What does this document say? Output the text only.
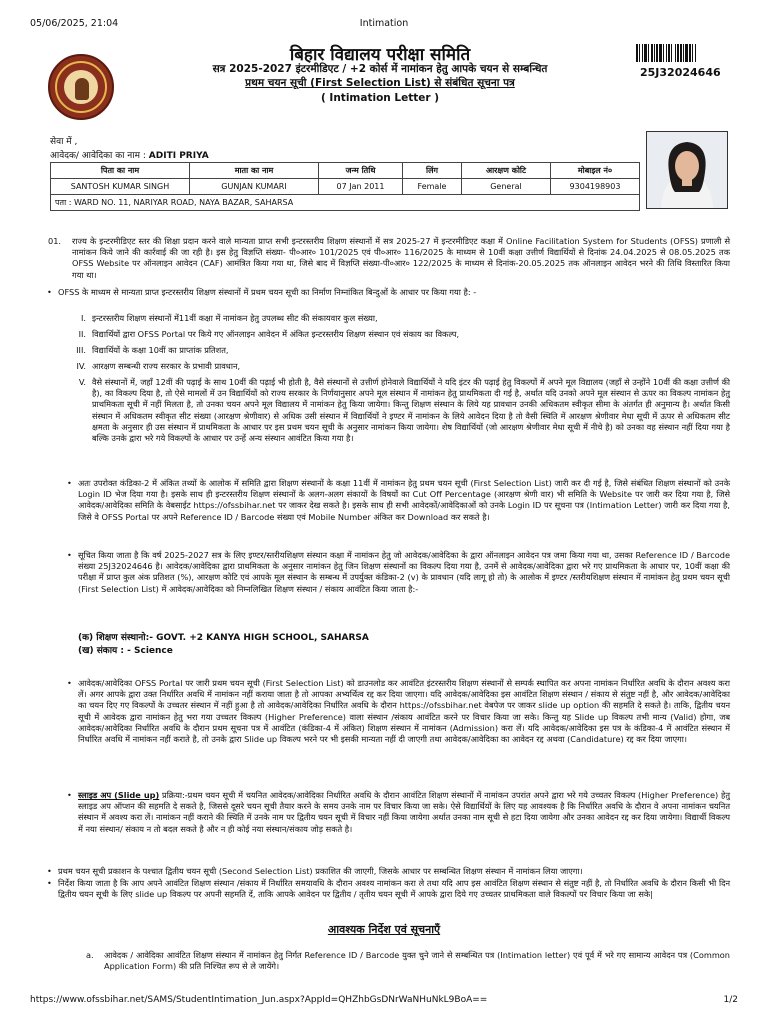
05/06/2025, 21:04	Intimation
बिहार विद्यालय परीक्षा समिति
सत्र 2025-2027 इंटरमीडिएट / +2 कोर्स में नामांकन हेतु आपके चयन से सम्बन्धित
प्रथम चयन सूची (First Selection List) से संबंधित सूचना पत्र
( Intimation Letter )
25J32024646
सेवा में ,
आवेदक/ आवेदिका का नाम : ADITI PRIYA
पिता का नाम	माता का नाम	जन्म तिथि	लिंग	आरक्षण कोटि	मोबाइल नं०
SANTOSH KUMAR SINGH	GUNJAN KUMARI	07 Jan 2011	Female	General	9304198903
पता : WARD NO. 11, NARIYAR ROAD, NAYA BAZAR, SAHARSA					
01. राज्य के इन्टरमीडिएट स्तर की शिक्षा प्रदान करने वाले मान्यता प्राप्त सभी इन्टरस्तरीय शिक्षण संस्थानों में सत्र 2025-27 में इन्टरमीडिएट कक्षा में Online Facilitation System for Students (OFSS) प्रणाली से नामांकन किये जाने की कार्रवाई की जा रही है। इस हेतु विज्ञप्ति संख्या- पी०आर० 101/2025 एवं पी०आर० 116/2025 के माध्यम से 10वीं कक्षा उत्तीर्ण विद्यार्थियों से दिनांक 24.04.2025 से 08.05.2025 तक OFSS Website पर ऑनलाइन आवेदन (CAF) आमंत्रित किया गया था, जिसे बाद में विज्ञप्ति संख्या-पी०आर० 122/2025 के माध्यम से दिनांक-20.05.2025 तक ऑनलाइन आवेदन भरने की तिथि विस्तारित किया गया था।
• OFSS के माध्यम से मान्यता प्राप्त इन्टरस्तरीय शिक्षण संस्थानों में प्रथम चयन सूची का निर्माण निम्नांकित बिन्दुओं के आधार पर किया गया है: -
I. इन्टरस्तरीय शिक्षण संस्थानों में11वीं कक्षा में नामांकन हेतु उपलब्ध सीट की संकायवार कुल संख्या,
II. विद्यार्थियों द्वारा OFSS Portal पर किये गए ऑनलाइन आवेदन में अंकित इन्टरस्तरीय शिक्षण संस्थान एवं संकाय का विकल्प,
III. विद्यार्थियों के कक्षा 10वीं का प्राप्तांक प्रतिशत,
IV. आरक्षण सम्बन्धी राज्य सरकार के प्रभावी प्रावधान,
V. वैसे संस्थानों में, जहाँ 12वीं की पढ़ाई के साथ 10वीं की पढ़ाई भी होती है, वैसे संस्थानों से उत्तीर्ण होनेवाले विद्यार्थियों ने यदि इंटर की पढ़ाई हेतु विकल्पों में अपने मूल विद्यालय (जहाँ से उन्होंने 10वीं की कक्षा उत्तीर्ण की है), का विकल्प दिया है, तो ऐसे मामलों में उन विद्यार्थियों को राज्य सरकार के निर्णयानुसार अपने मूल संस्थान में नामांकन हेतु प्राथमिकता दी गई है, अर्थात यदि उनको अपने मूल संस्थान से ऊपर का विकल्प नामांकन हेतु प्राथमिकता सूची में नहीं मिलता है, तो उनका चयन अपने मूल विद्यालय में नामांकन हेतु किया जायेगा। किन्तु शिक्षण संस्थान के लिये यह प्रावधान उनकी अधिकतम स्वीकृत सीमा के अंतर्गत ही अनुमान्य है। अर्थात किसी संस्थान में अधिकतम स्वीकृत सीट संख्या (आरक्षण श्रेणीवार) से अधिक उसी संस्थान में विद्यार्थियों ने इण्टर में नामांकन के लिये आवेदन दिया है तो वैसी स्थिति में आरक्षण श्रेणीवार मेधा सूची में ऊपर से अधिकतम सीट क्षमता के अनुसार ही उस संस्थान में प्राथमिकता के आधार पर इस प्रथम चयन सूची के अनुसार नामांकन किया जायेगा। शेष विद्यार्थियों (जो आरक्षण श्रेणीवार मेधा सूची में नीचे है) को उनका वह संस्थान नहीं दिया गया है बल्कि उनके द्वारा भरे गये विकल्पों के आधार पर उन्हें अन्य संस्थान आवंटित किया गया है।
• अतः उपरोक्त कंडिका-2 में अंकित तथ्यों के आलोक में समिति द्वारा शिक्षण संस्थानों के कक्षा 11वीं में नामांकन हेतु प्रथम चयन सूची (First Selection List) जारी कर दी गई है, जिसे संबंधित शिक्षण संस्थानों को उनके Login ID भेज दिया गया है। इसके साथ ही इन्टरस्तरीय शिक्षण संस्थानों के अलग-अलग संकायों के विषयों का Cut Off Percentage (आरक्षण श्रेणी वार) भी समिति के Website पर जारी कर दिया गया है, जिसे आवेदक/आवेदिका समिति के वेबसाईट https://ofssbihar.net पर जाकर देख सकते है। इसके साथ ही सभी आवेदकों/आवेदिकाओं को उनके Login ID पर सूचना पत्र (Intimation Letter) जारी कर दिया गया है, जिसे वे OFSS Portal पर अपने Reference ID / Barcode संख्या एवं Mobile Number अंकित कर Download कर सकते है।
• सूचित किया जाता है कि वर्ष 2025-2027 सत्र के लिए इण्टर/स्तरीयशिक्षण संस्थान कक्षा में नामांकन हेतु जो आवेदक/आवेदिका के द्वारा ऑनलाइन आवेदन पत्र जमा किया गया था, उसका Reference ID / Barcode संख्या 25J32024646 है। आवेदक/आवेदिका द्वारा प्राथमिकता के अनुसार नामांकन हेतु जिन शिक्षण संस्थानों का विकल्प दिया गया है, उनमें से आवेदक/आवेदिका द्वारा भरे गए प्राथमिकता के आधार पर, 10वीं कक्षा की परीक्षा में प्राप्त कुल अंक प्रतिशत (%), आरक्षण कोटि एवं आपके मूल संस्थान के सम्बन्ध में उपर्युक्त कंडिका-2 (v) के प्रावधान (यदि लागू हो तो) के आलोक में इण्टर /स्तरीयशिक्षण संस्थान में नामांकन हेतु प्रथम चयन सूची (First Selection List) में आवेदक/आवेदिका को निम्नलिखित शिक्षण संस्थान / संकाय आवंटित किया जाता है:-
(क) शिक्षण संस्थानो:- GOVT. +2 KANYA HIGH SCHOOL, SAHARSA
(ख) संकाय : - Science
• आवेदक/आवेदिका OFSS Portal पर जारी प्रथम चयन सूची (First Selection List) को डाउनलोड कर आवंटित इंटरस्तरीय शिक्षण संस्थानों से सम्पर्क स्थापित कर अपना नामांकन निर्धारित अवधि के दौरान अवश्य करा लें। अगर आपके द्वारा उक्त निर्धारित अवधि में नामांकन नहीं कराया जाता है तो आपका अभ्यर्थित्व रद्द कर दिया जाएगा। यदि आवेदक/आवेदिका इस आवंटित शिक्षण संस्थान / संकाय से संतुष्ट नहीं है, और आवेदक/आवेदिका का चयन दिए गए विकल्पों के उच्चतर संस्थान में नहीं हुआ है तो आवेदक/आवेदिका निर्धारित अवधि के दौरान https://ofssbihar.net वेबपेज पर जाकर slide up option की सहमति दे सकते है। ताकि, द्वितीय चयन सूची में आवेदक द्वारा नामांकन हेतु भरा गया उच्चतर विकल्प (Higher Preference) वाला संस्थान /संकाय आवंटित करने पर विचार किया जा सके। किन्तु यह Slide up विकल्प तभी मान्य (Valid) होगा, जब आवेदक/आवेदिका निर्धारित अवधि के दौरान प्रथम सूचना पत्र में आवंटित (कंडिका-4 में अंकित) शिक्षण संस्थान में नामांकन (Admission) करा लें। यदि आवेदक/आवेदिका इस पत्र के कंडिका-4 में आवंटित संस्थान में निर्धारित अवधि में नामांकन नहीं कराते है, तो उनके द्वारा Slide up विकल्प भरने पर भी इसकी मान्यता नहीं दी जाएगी तथा आवेदक/आवेदिका का आवेदन रद्द अथवा (Candidature) रद्द कर दिया जाएगा।
• स्लाइड अप (Slide up) प्रक्रिया:-प्रथम चयन सूची में चयनित आवेदक/आवेदिका निर्धारित अवधि के दौरान आवंटित शिक्षण संस्थानों में नामांकन उपरांत अपने द्वारा भरे गये उच्चतर विकल्प (Higher Preference) हेतु स्लाइड अप ऑप्शन की सहमति दे सकते है, जिससे दूसरे चयन सूची तैयार करने के समय उनके नाम पर विचार किया जा सके। ऐसे विद्यार्थियों के लिए यह आवश्यक है कि निर्धारित अवधि के दौरान वे अपना नामांकन चयनित संस्थान में अवश्य करा लें। नामांकन नहीं कराने की स्थिति में उनके नाम पर द्वितीय चयन सूची में विचार नहीं किया जायेगा अर्थात उनका नाम सूची से हटा दिया जायेगा और उनका आवेदन रद्द कर दिया जायेगा। विद्यार्थी विकल्प में नया संस्थान/ संकाय न तो बदल सकते है और न ही कोई नया संस्थान/संकाय जोड़ सकते है।
• प्रथम चयन सूची प्रकाशन के पश्चात द्वितीय चयन सूची (Second Selection List) प्रकाशित की जाएगी, जिसके आधार पर सम्बन्धित शिक्षण संस्थान में नामांकन लिया जाएगा।
• निर्देश किया जाता है कि आप अपने आवंटित शिक्षण संस्थान /संकाय में निर्धारित समयावधि के दौरान अवश्य नामांकन करा ले तथा यदि आप इस आवंटित शिक्षण संस्थान से संतुष्ट नहीं है, तो निर्धारित अवधि के दौरान किसी भी दिन द्वितीय चयन सूची के लिए slide up विकल्प पर अपनी सहमति दें, ताकि आपके आवेदन पर द्वितीय / तृतीय चयन सूची में आपके द्वारा दिये गए उच्चतर प्राथमिकता वाले विकल्पों पर विचार किया जा सके|
आवश्यक निर्देश एवं सूचनाएँ
a. आवेदक / आवेदिका आवंटित शिक्षण संस्थान में नामांकन हेतु निर्गत Reference ID / Barcode युक्त चुने जाने से सम्बन्धित पत्र (Intimation letter) एवं पूर्व में भरे गए सामान्य आवेदन पत्र (Common Application Form) की प्रति निश्चित रूप से ले जायेंगे।
https://www.ofssbihar.net/SAMS/StudentIntimation_Jun.aspx?AppId=QHZhbGsDNrWaNHuNkL9BoA==	1/2
